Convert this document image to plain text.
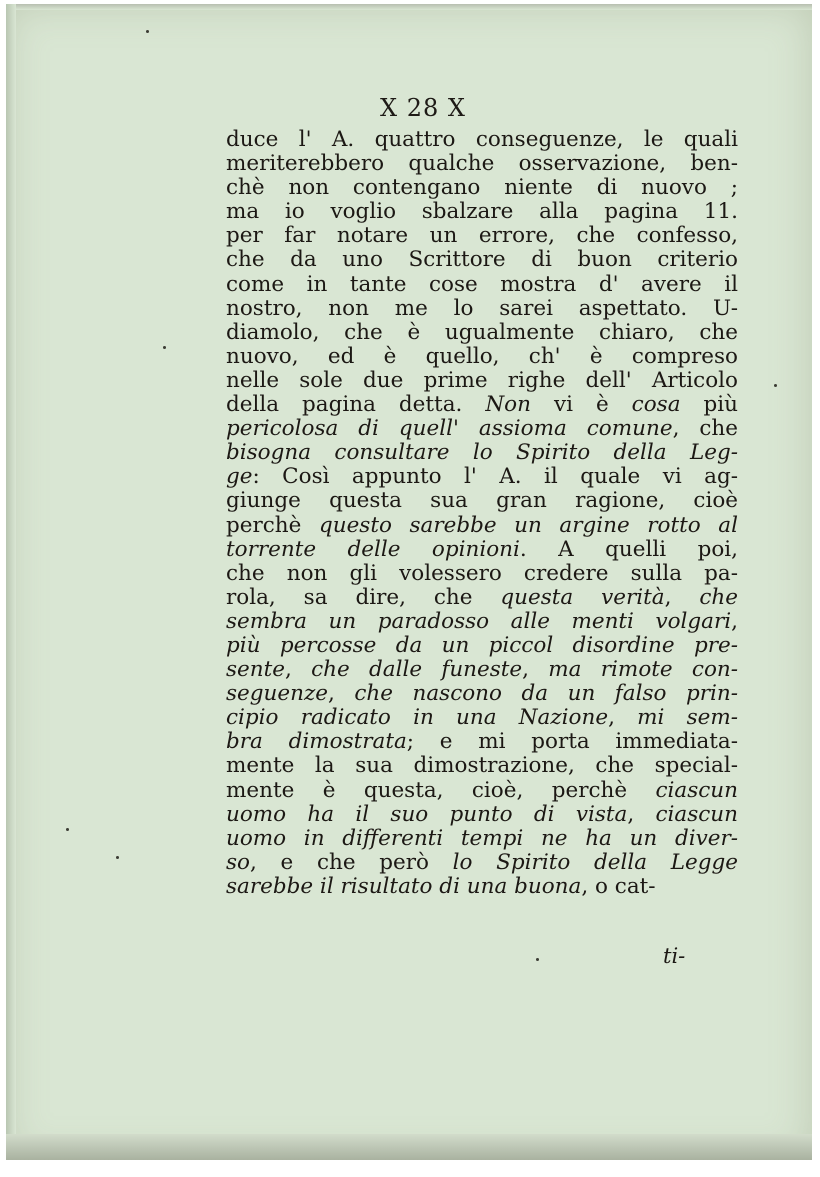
X 28 X
duce l' A. quattro conseguenze, le quali
meriterebbero qualche osservazione, ben-
chè non contengano niente di nuovo ;
ma io voglio sbalzare alla pagina 11.
per far notare un errore, che confesso,
che da uno Scrittore di buon criterio
come in tante cose mostra d' avere il
nostro, non me lo sarei aspettato. U-
diamolo, che è ugualmente chiaro, che
nuovo, ed è quello, ch' è compreso
nelle sole due prime righe dell' Articolo
della pagina detta. Non vi è cosa più
pericolosa di quell' assioma comune, che
bisogna consultare lo Spirito della Leg-
ge: Così appunto l' A. il quale vi ag-
giunge questa sua gran ragione, cioè
perchè questo sarebbe un argine rotto al
torrente delle opinioni. A quelli poi,
che non gli volessero credere sulla pa-
rola, sa dire, che questa verità, che
sembra un paradosso alle menti volgari,
più percosse da un piccol disordine pre-
sente, che dalle funeste, ma rimote con-
seguenze, che nascono da un falso prin-
cipio radicato in una Nazione, mi sem-
bra dimostrata; e mi porta immediata-
mente la sua dimostrazione, che special-
mente è questa, cioè, perchè ciascun
uomo ha il suo punto di vista, ciascun
uomo in differenti tempi ne ha un diver-
so, e che però lo Spirito della Legge
sarebbe il risultato di una buona, o cat-
ti-
